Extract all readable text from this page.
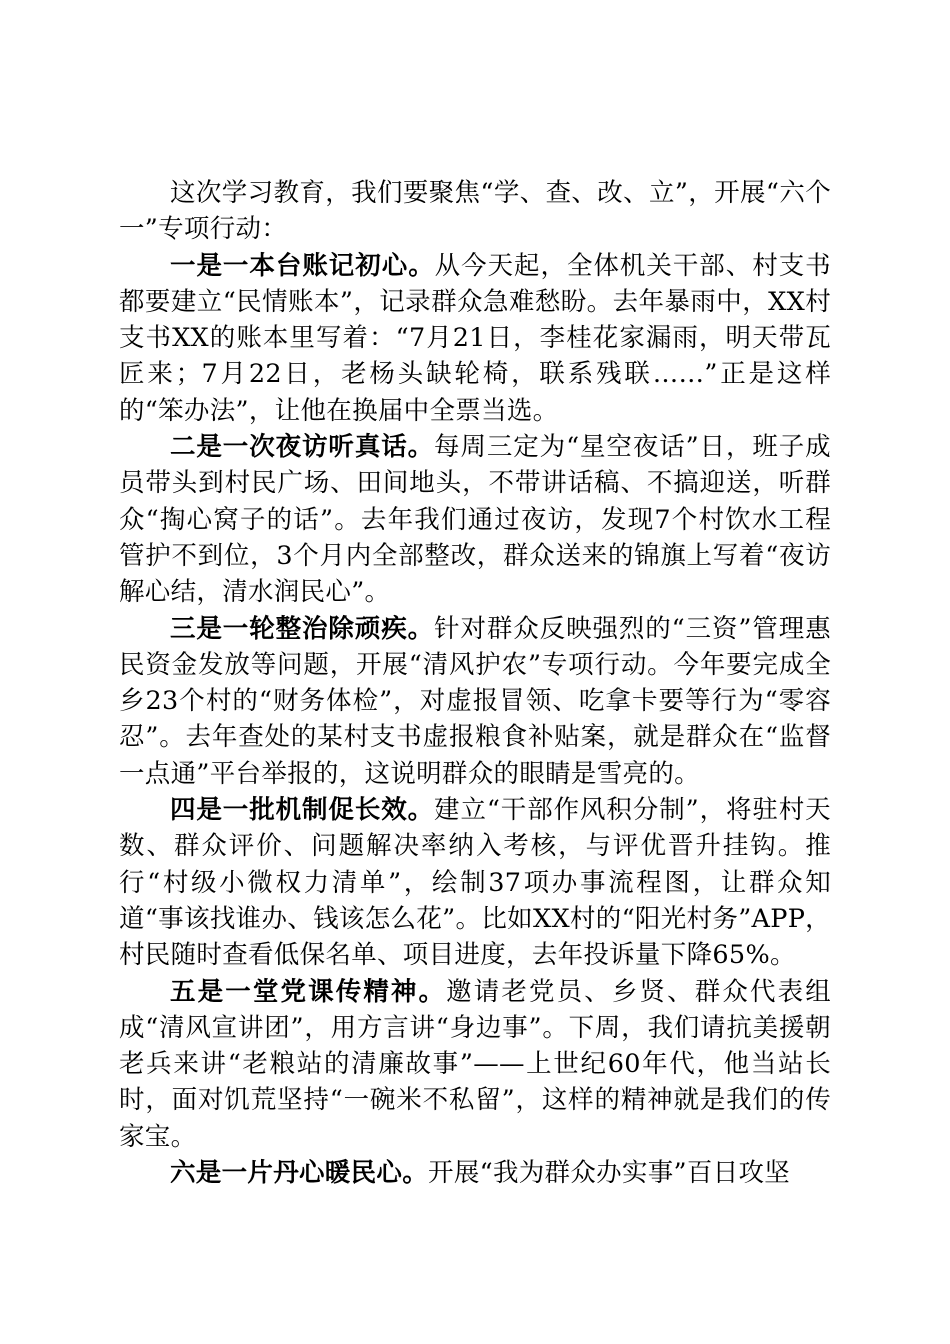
这次学习教育，我们要聚焦“学、查、改、立”，开展“六个一”专项行动：

一是一本台账记初心。从今天起，全体机关干部、村支书都要建立“民情账本”，记录群众急难愁盼。去年暴雨中，XX村支书XX的账本里写着：“7月21日，李桂花家漏雨，明天带瓦匠来；7月22日，老杨头缺轮椅，联系残联……”正是这样的“笨办法”，让他在换届中全票当选。

二是一次夜访听真话。每周三定为“星空夜话”日，班子成员带头到村民广场、田间地头，不带讲话稿、不搞迎送，听群众“掏心窝子的话”。去年我们通过夜访，发现7个村饮水工程管护不到位，3个月内全部整改，群众送来的锦旗上写着“夜访解心结，清水润民心”。

三是一轮整治除顽疾。针对群众反映强烈的“三资”管理惠民资金发放等问题，开展“清风护农”专项行动。今年要完成全乡23个村的“财务体检”，对虚报冒领、吃拿卡要等行为“零容忍”。去年查处的某村支书虚报粮食补贴案，就是群众在“监督一点通”平台举报的，这说明群众的眼睛是雪亮的。

四是一批机制促长效。建立“干部作风积分制”，将驻村天数、群众评价、问题解决率纳入考核，与评优晋升挂钩。推行“村级小微权力清单”，绘制37项办事流程图，让群众知道“事该找谁办、钱该怎么花”。比如XX村的“阳光村务”APP，村民随时查看低保名单、项目进度，去年投诉量下降65%。

五是一堂党课传精神。邀请老党员、乡贤、群众代表组成“清风宣讲团”，用方言讲“身边事”。下周，我们请抗美援朝老兵来讲“老粮站的清廉故事”——上世纪60年代，他当站长时，面对饥荒坚持“一碗米不私留”，这样的精神就是我们的传家宝。

六是一片丹心暖民心。开展“我为群众办实事”百日攻坚
